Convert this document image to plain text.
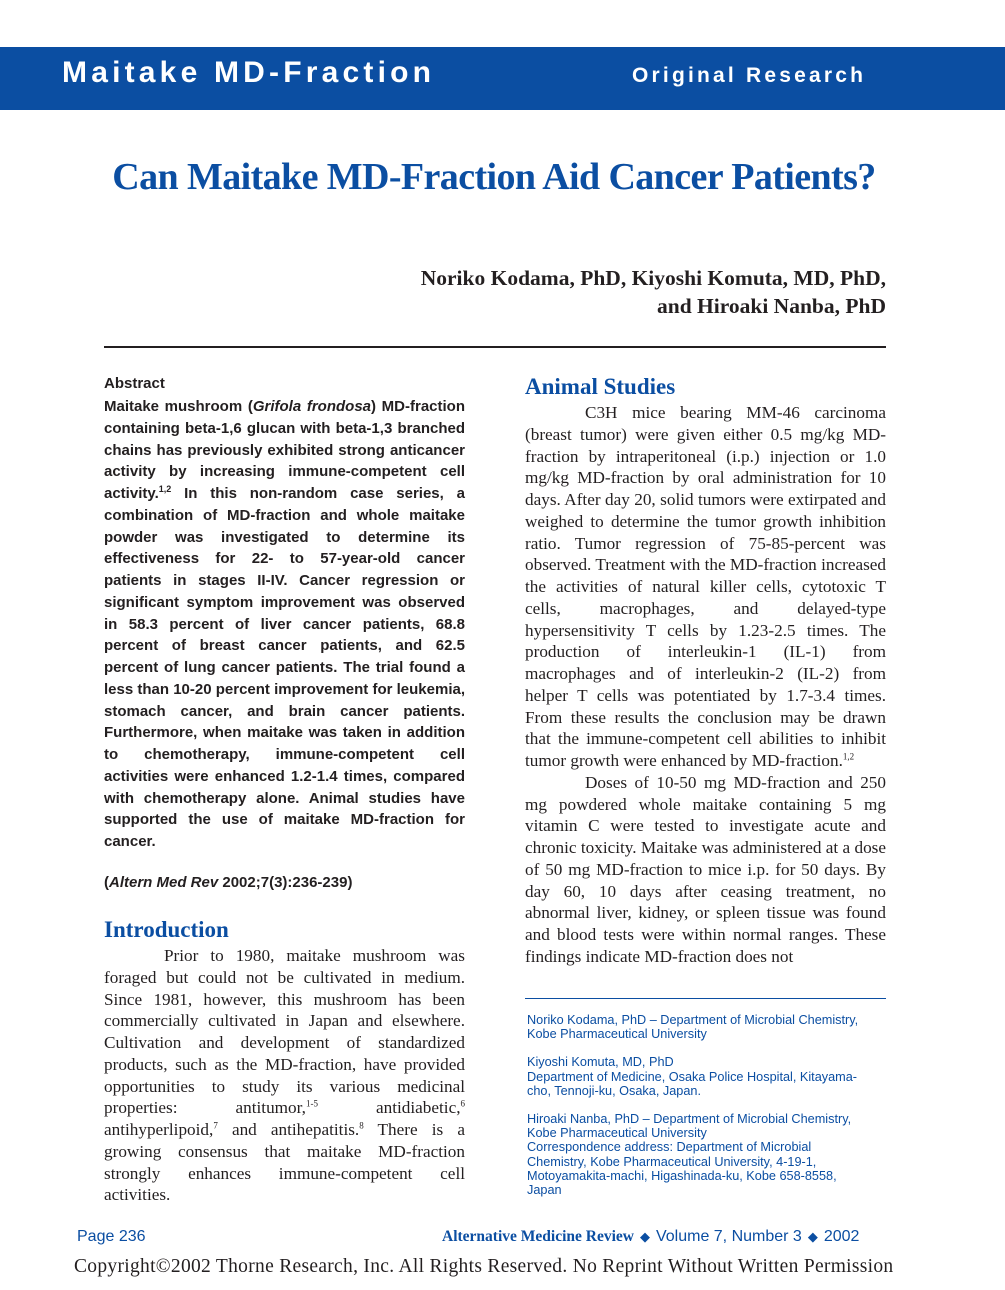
Maitake MD-Fraction	Original Research
Can Maitake MD-Fraction Aid Cancer Patients?
Noriko Kodama, PhD, Kiyoshi Komuta, MD, PhD,
and Hiroaki Nanba, PhD
Abstract
Maitake mushroom (Grifola frondosa) MD-fraction containing beta-1,6 glucan with beta-1,3 branched chains has previously exhibited strong anticancer activity by increasing immune-competent cell activity.$^{1,2}$ In this non-random case series, a combination of MD-fraction and whole maitake powder was investigated to determine its effectiveness for 22- to 57-year-old cancer patients in stages II-IV. Cancer regression or significant symptom improvement was observed in 58.3 percent of liver cancer patients, 68.8 percent of breast cancer patients, and 62.5 percent of lung cancer patients. The trial found a less than 10-20 percent improvement for leukemia, stomach cancer, and brain cancer patients. Furthermore, when maitake was taken in addition to chemotherapy, immune-competent cell activities were enhanced 1.2-1.4 times, compared with chemotherapy alone. Animal studies have supported the use of maitake MD-fraction for cancer.
(Altern Med Rev 2002;7(3):236-239)
Introduction

Prior to 1980, maitake mushroom was foraged but could not be cultivated in medium. Since 1981, however, this mushroom has been commercially cultivated in Japan and elsewhere. Cultivation and development of standardized products, such as the MD-fraction, have provided opportunities to study its various medicinal properties: antitumor,$^{1-5}$ antidiabetic,$^6$ antihyperlipoid,$^7$ and antihepatitis.$^8$ There is a growing consensus that maitake MD-fraction strongly enhances immune-competent cell activities.

Animal Studies

C3H mice bearing MM-46 carcinoma (breast tumor) were given either 0.5 mg/kg MD-fraction by intraperitoneal (i.p.) injection or 1.0 mg/kg MD-fraction by oral administration for 10 days. After day 20, solid tumors were extirpated and weighed to determine the tumor growth inhibition ratio. Tumor regression of 75-85-percent was observed. Treatment with the MD-fraction increased the activities of natural killer cells, cytotoxic T cells, macrophages, and delayed-type hypersensitivity T cells by 1.23-2.5 times. The production of interleukin-1 (IL-1) from macrophages and of interleukin-2 (IL-2) from helper T cells was potentiated by 1.7-3.4 times. From these results the conclusion may be drawn that the immune-competent cell abilities to inhibit tumor growth were enhanced by MD-fraction.$^{1,2}$

Doses of 10-50 mg MD-fraction and 250 mg powdered whole maitake containing 5 mg vitamin C were tested to investigate acute and chronic toxicity. Maitake was administered at a dose of 50 mg MD-fraction to mice i.p. for 50 days. By day 60, 10 days after ceasing treatment, no abnormal liver, kidney, or spleen tissue was found and blood tests were within normal ranges. These findings indicate MD-fraction does not

Noriko Kodama, PhD – Department of Microbial Chemistry,
Kobe Pharmaceutical University
Kiyoshi Komuta, MD, PhD
Department of Medicine, Osaka Police Hospital, Kitayama-
cho, Tennoji-ku, Osaka, Japan.
Hiroaki Nanba, PhD – Department of Microbial Chemistry,
Kobe Pharmaceutical University
Correspondence address: Department of Microbial
Chemistry, Kobe Pharmaceutical University, 4-19-1,
Motoyamakita-machi, Higashinada-ku, Kobe 658-8558,
Japan
Page 236	Alternative Medicine Review ◆ Volume 7, Number 3 ◆ 2002
Copyright©2002 Thorne Research, Inc. All Rights Reserved. No Reprint Without Written Permission
